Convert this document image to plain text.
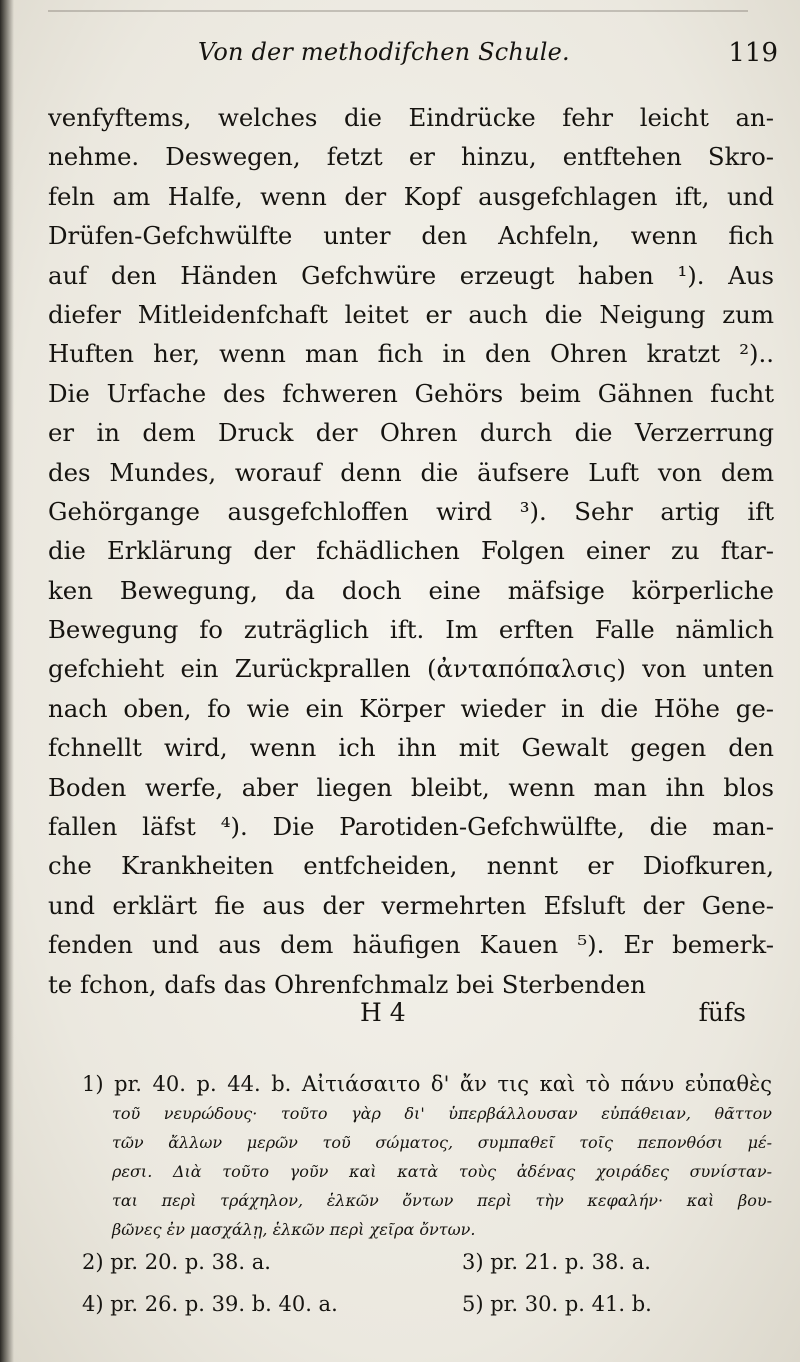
Von der methodifchen Schule.	119
venfyftems, welches die Eindrücke fehr leicht an-
nehme. Deswegen, fetzt er hinzu, entftehen Skro-
feln am Halfe, wenn der Kopf ausgefchlagen ift, und
Drüfen-Gefchwülfte unter den Achfeln, wenn fich
auf den Händen Gefchwüre erzeugt haben ¹). Aus
diefer Mitleidenfchaft leitet er auch die Neigung zum
Huften her, wenn man fich in den Ohren kratzt ²)..
Die Urfache des fchweren Gehörs beim Gähnen fucht
er in dem Druck der Ohren durch die Verzerrung
des Mundes, worauf denn die äufsere Luft von dem
Gehörgange ausgefchloffen wird ³). Sehr artig ift
die Erklärung der fchädlichen Folgen einer zu ftar-
ken Bewegung, da doch eine mäfsige körperliche
Bewegung fo zuträglich ift. Im erften Falle nämlich
gefchieht ein Zurückprallen (ἀνταπόπαλσις) von unten
nach oben, fo wie ein Körper wieder in die Höhe ge-
fchnellt wird, wenn ich ihn mit Gewalt gegen den
Boden werfe, aber liegen bleibt, wenn man ihn blos
fallen läfst ⁴). Die Parotiden-Gefchwülfte, die man-
che Krankheiten entfcheiden, nennt er Diofkuren,
und erklärt fie aus der vermehrten Efsluft der Gene-
fenden und aus dem häufigen Kauen ⁵). Er bemerk-
te fchon, dafs das Ohrenfchmalz bei Sterbenden
H 4	füfs
1) pr. 40. p. 44. b. Αἰτιάσαιτο δ' ἄν τις καὶ τὸ πάνυ εὐπαθὲς
τοῦ νευρώδους· τοῦτο γὰρ δι' ὑπερβάλλουσαν εὐπάθειαν, θᾶττον
τῶν ἄλλων μερῶν τοῦ σώματος, συμπαθεῖ τοῖς πεπονθόσι μέ-
ρεσι. Διὰ τοῦτο γοῦν καὶ κατὰ τοὺς ἀδένας χοιράδες συνίσταν-
ται περὶ τράχηλον, ἑλκῶν ὄντων περὶ τὴν κεφαλήν· καὶ βου-
βῶνες ἐν μασχάλῃ, ἑλκῶν περὶ χεῖρα ὄντων.
2) pr. 20. p. 38. a.	3) pr. 21. p. 38. a.
4) pr. 26. p. 39. b. 40. a.	5) pr. 30. p. 41. b.
